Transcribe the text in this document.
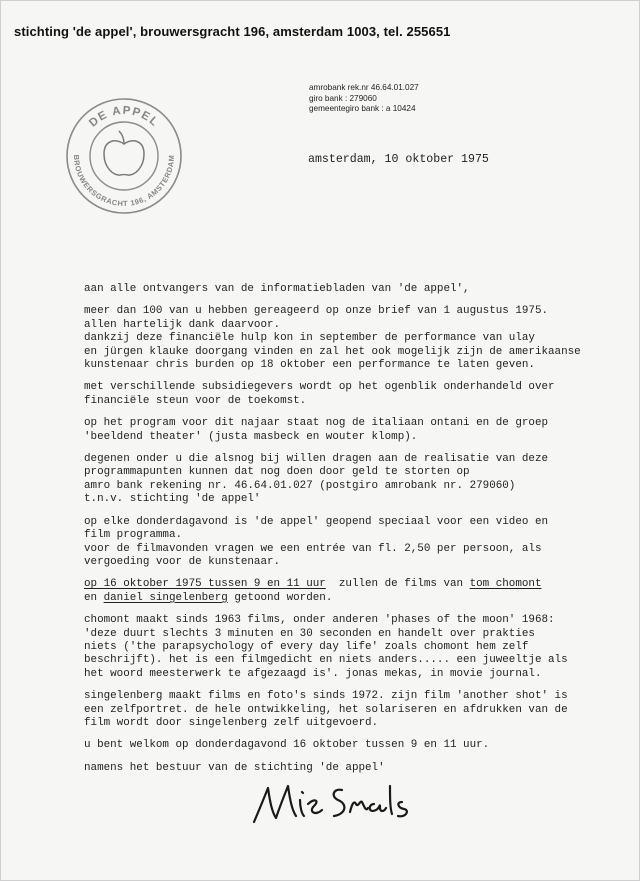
stichting 'de appel', brouwersgracht 196, amsterdam 1003, tel. 255651
amrobank rek.nr 46.64.01.027
giro bank : 279060
gemeentegiro bank : a 10424
DE APPEL
BROUWERSGRACHT 196, AMSTERDAM	amsterdam, 10 oktober 1975
aan alle ontvangers van de informatiebladen van 'de appel',
meer dan 100 van u hebben gereageerd op onze brief van 1 augustus 1975.
allen hartelijk dank daarvoor.
dankzij deze financiële hulp kon in september de performance van ulay
en jürgen klauke doorgang vinden en zal het ook mogelijk zijn de amerikaanse
kunstenaar chris burden op 18 oktober een performance te laten geven.
met verschillende subsidiegevers wordt op het ogenblik onderhandeld over
financiële steun voor de toekomst.
op het program voor dit najaar staat nog de italiaan ontani en de groep
'beeldend theater' (justa masbeck en wouter klomp).
degenen onder u die alsnog bij willen dragen aan de realisatie van deze
programmapunten kunnen dat nog doen door geld te storten op
amro bank rekening nr. 46.64.01.027 (postgiro amrobank nr. 279060)
t.n.v. stichting 'de appel'
op elke donderdagavond is 'de appel' geopend speciaal voor een video en
film programma.
voor de filmavonden vragen we een entrée van fl. 2,50 per persoon, als
vergoeding voor de kunstenaar.
op 16 oktober 1975 tussen 9 en 11 uur  zullen de films van tom chomont
en daniel singelenberg getoond worden.
chomont maakt sinds 1963 films, onder anderen 'phases of the moon' 1968:
'deze duurt slechts 3 minuten en 30 seconden en handelt over prakties
niets ('the parapsychology of every day life' zoals chomont hem zelf
beschrijft). het is een filmgedicht en niets anders..... een juweeltje als
het woord meesterwerk te afgezaagd is'. jonas mekas, in movie journal.
singelenberg maakt films en foto's sinds 1972. zijn film 'another shot' is
een zelfportret. de hele ontwikkeling, het solariseren en afdrukken van de
film wordt door singelenberg zelf uitgevoerd.
u bent welkom op donderdagavond 16 oktober tussen 9 en 11 uur.
namens het bestuur van de stichting 'de appel'
